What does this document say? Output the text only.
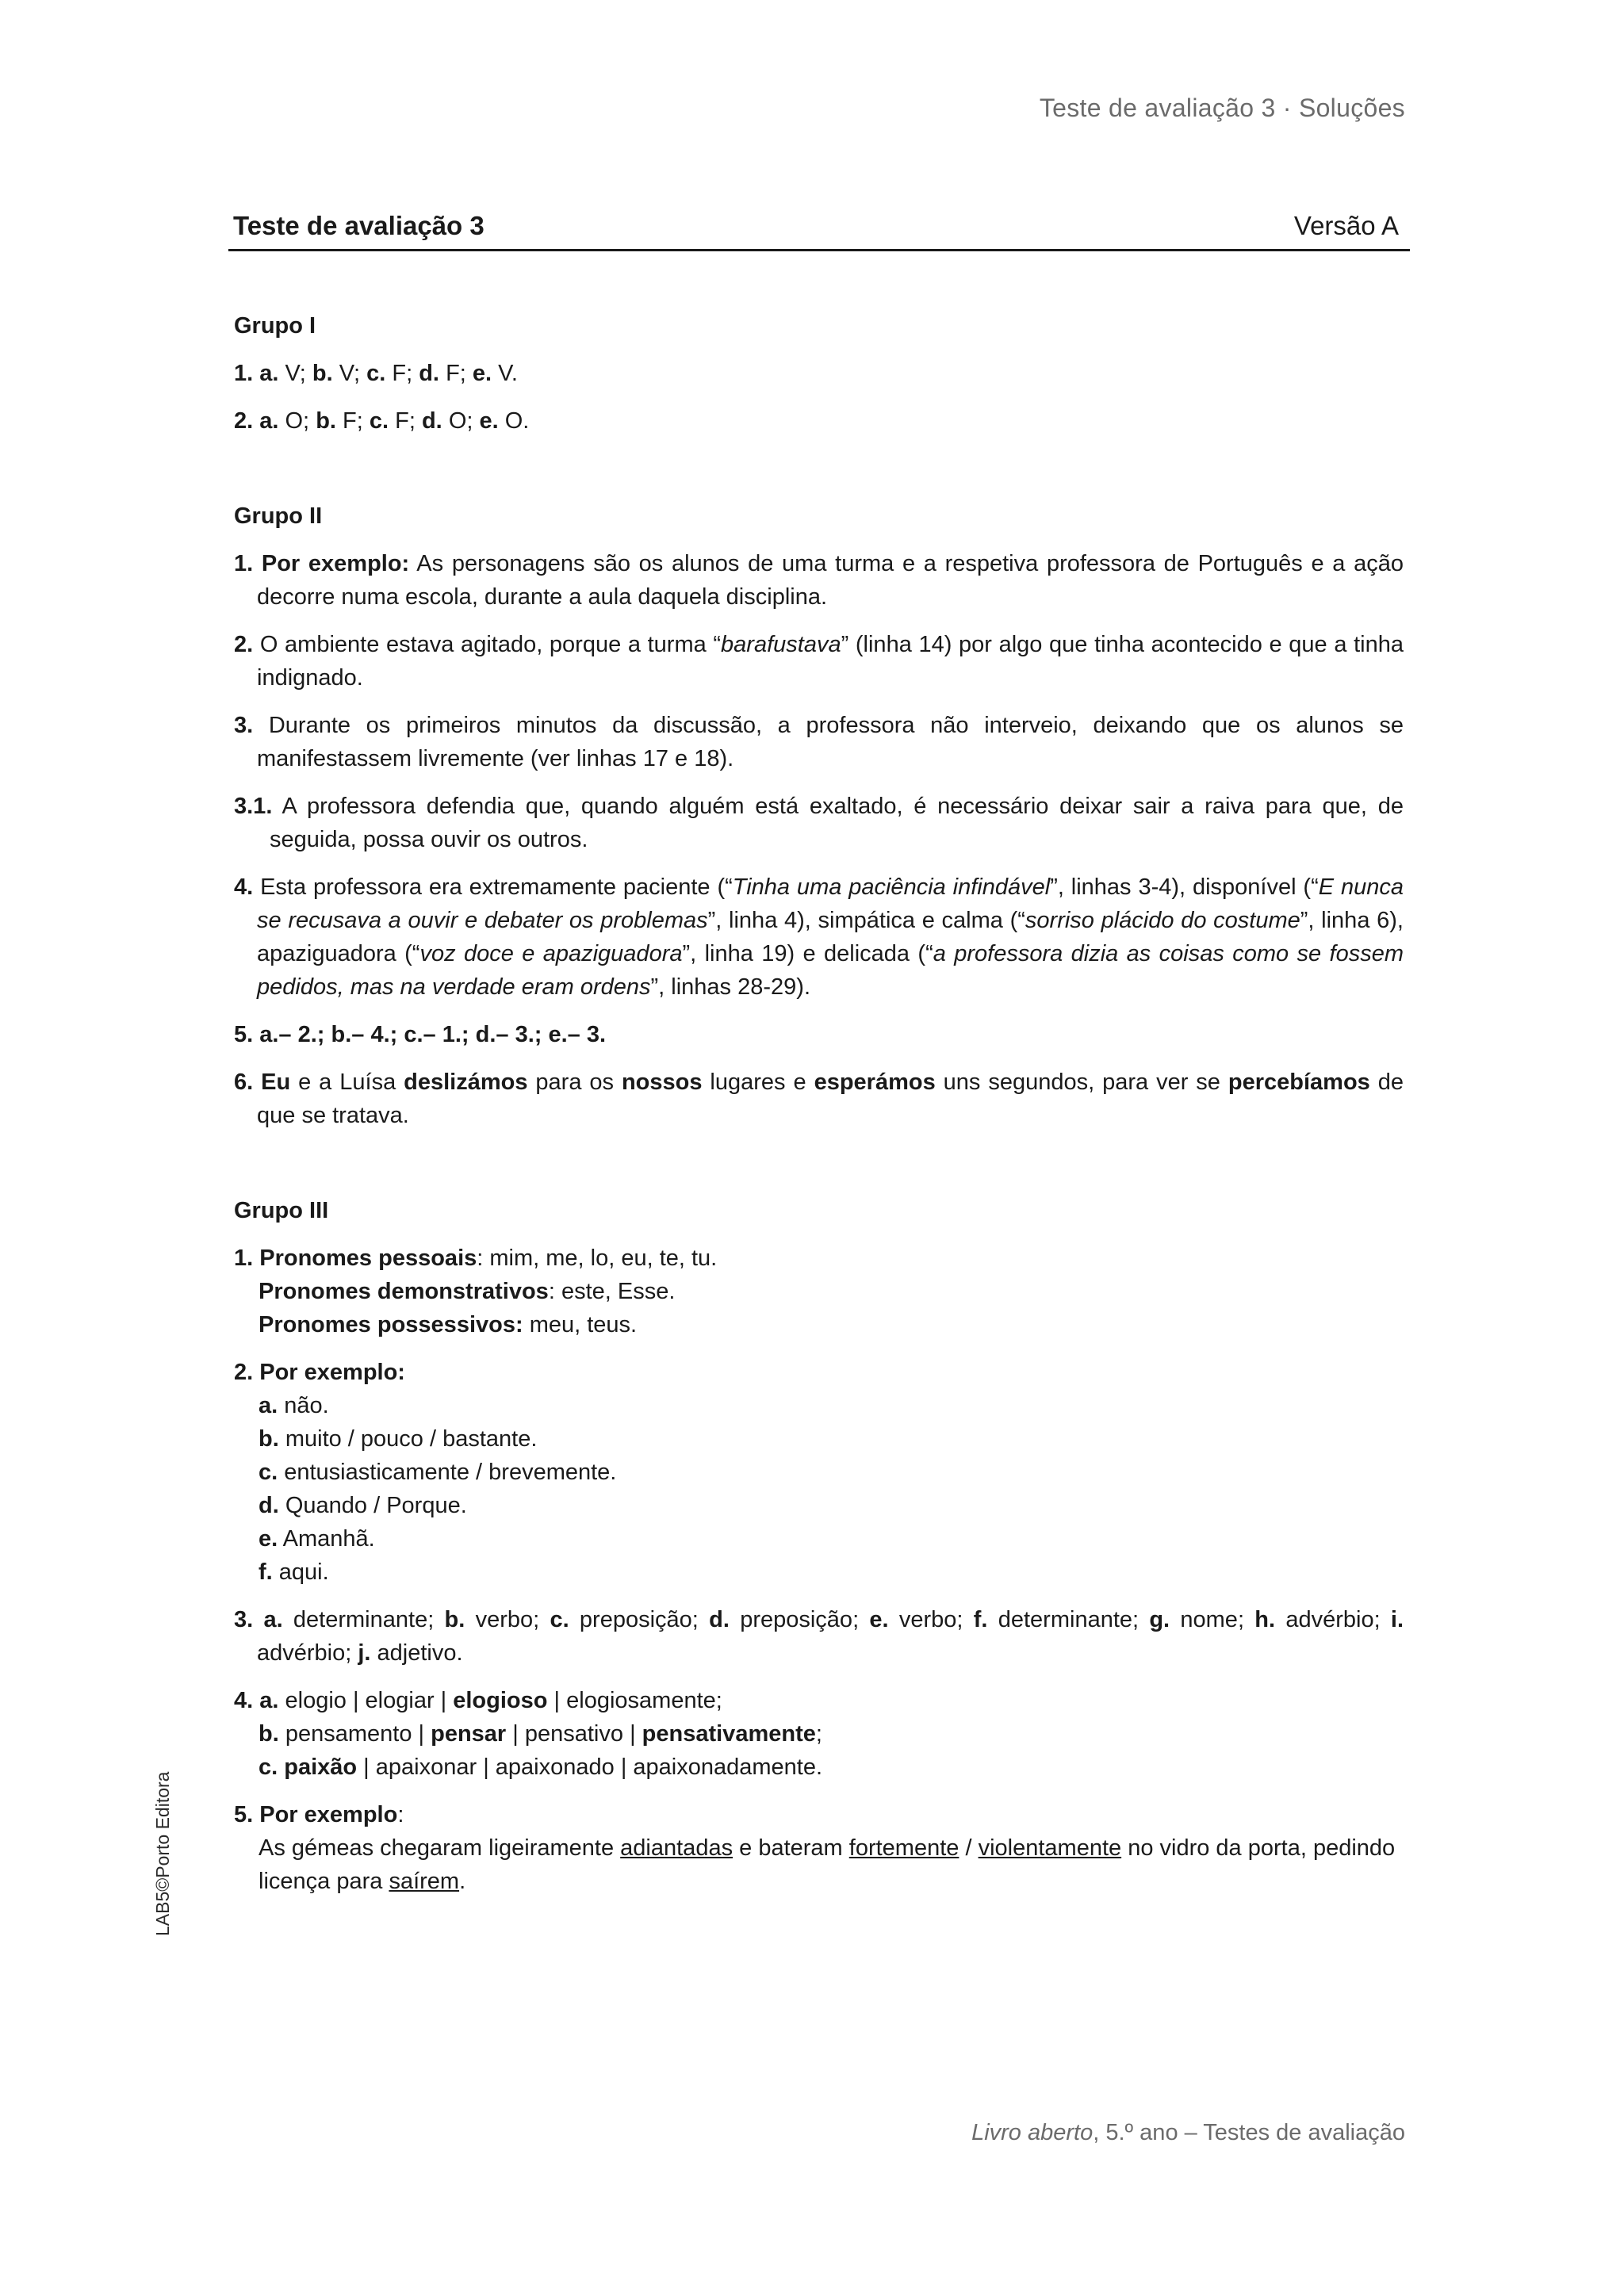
Teste de avaliação 3 · Soluções
Teste de avaliação 3	Versão A
Grupo I
1. a. V; b. V; c. F; d. F; e. V.
2. a. O; b. F; c. F; d. O; e. O.
Grupo II
1. Por exemplo: As personagens são os alunos de uma turma e a respetiva professora de Português e a ação decorre numa escola, durante a aula daquela disciplina.
2. O ambiente estava agitado, porque a turma “barafustava” (linha 14) por algo que tinha acontecido e que a tinha indignado.
3. Durante os primeiros minutos da discussão, a professora não interveio, deixando que os alunos se manifestassem livremente (ver linhas 17 e 18).
3.1. A professora defendia que, quando alguém está exaltado, é necessário deixar sair a raiva para que, de seguida, possa ouvir os outros.
4. Esta professora era extremamente paciente (“Tinha uma paciência infindável”, linhas 3-4), disponível (“E nunca se recusava a ouvir e debater os problemas”, linha 4), simpática e calma (“sorriso plácido do costume”, linha 6), apaziguadora (“voz doce e apaziguadora”, linha 19) e delicada (“a professora dizia as coisas como se fossem pedidos, mas na verdade eram ordens”, linhas 28-29).
5. a.– 2.; b.– 4.; c.– 1.; d.– 3.; e.– 3.
6. Eu e a Luísa deslizámos para os nossos lugares e esperámos uns segundos, para ver se percebíamos de que se tratava.
Grupo III
1. Pronomes pessoais: mim, me, lo, eu, te, tu.
Pronomes demonstrativos: este, Esse.
Pronomes possessivos: meu, teus.
2. Por exemplo:
a. não.
b. muito / pouco / bastante.
c. entusiasticamente / brevemente.
d. Quando / Porque.
e. Amanhã.
f. aqui.
3. a. determinante; b. verbo; c. preposição; d. preposição; e. verbo; f. determinante; g. nome; h. advérbio; i. advérbio; j. adjetivo.
4. a. elogio | elogiar | elogioso | elogiosamente;
b. pensamento | pensar | pensativo | pensativamente;
c. paixão | apaixonar | apaixonado | apaixonadamente.
5. Por exemplo:
As gémeas chegaram ligeiramente adiantadas e bateram fortemente / violentamente no vidro da porta, pedindo licença para saírem.
LAB5©Porto Editora
Livro aberto, 5.º ano – Testes de avaliação
